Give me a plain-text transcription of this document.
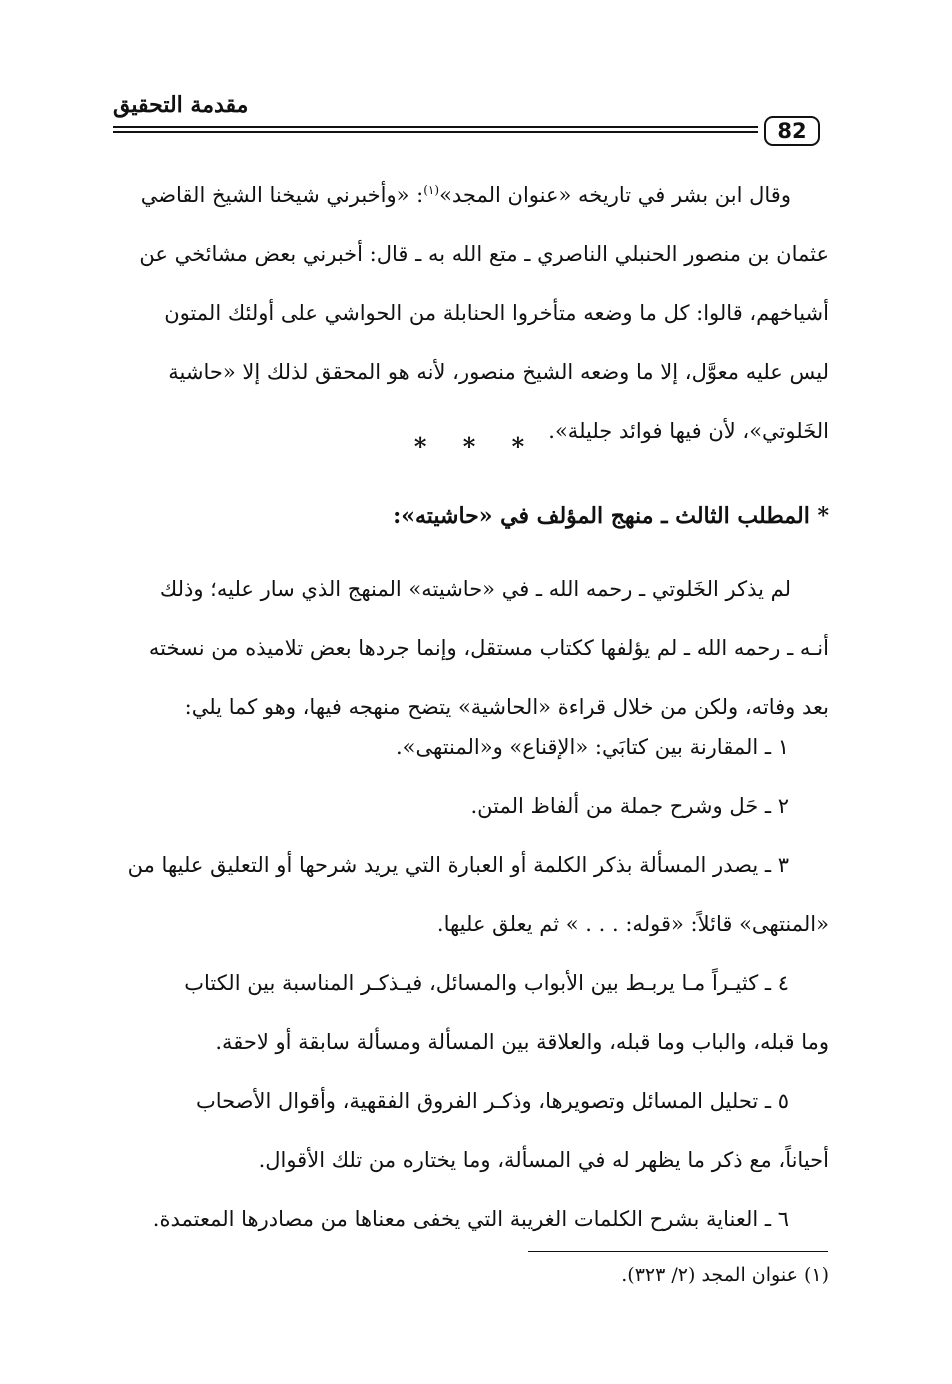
مقدمة التحقيق
82
وقال ابن بشر في تاريخه «عنوان المجد»$^{(١)}$: «وأخبرني شيخنا الشيخ القاضي
عثمان بن منصور الحنبلي الناصري ـ متع الله به ـ قال: أخبرني بعض مشائخي عن
أشياخهم، قالوا: كل ما وضعه متأخروا الحنابلة من الحواشي على أولئك المتون
ليس عليه معوَّل، إلا ما وضعه الشيخ منصور، لأنه هو المحقق لذلك إلا «حاشية
الخَلوتي»، لأن فيها فوائد جليلة».
* * *
* المطلب الثالث ـ منهج المؤلف في «حاشيته»:
لم يذكر الخَلوتي ـ رحمه الله ـ في «حاشيته» المنهج الذي سار عليه؛ وذلك
أنـه ـ رحمه الله ـ لم يؤلفها ككتاب مستقل، وإنما جردها بعض تلاميذه من نسخته
بعد وفاته، ولكن من خلال قراءة «الحاشية» يتضح منهجه فيها، وهو كما يلي:
١ ـ المقارنة بين كتابَي: «الإقناع» و«المنتهى».
٢ ـ حَل وشرح جملة من ألفاظ المتن.
٣ ـ يصدر المسألة بذكر الكلمة أو العبارة التي يريد شرحها أو التعليق عليها من
«المنتهى» قائلاً: «قوله: . . . » ثم يعلق عليها.
٤ ـ كثيـراً مـا يربـط بين الأبواب والمسائل، فيـذكـر المناسبة بين الكتاب
وما قبله، والباب وما قبله، والعلاقة بين المسألة ومسألة سابقة أو لاحقة.
٥ ـ تحليل المسائل وتصويرها، وذكـر الفروق الفقهية، وأقوال الأصحاب
أحياناً، مع ذكر ما يظهر له في المسألة، وما يختاره من تلك الأقوال.
٦ ـ العناية بشرح الكلمات الغريبة التي يخفى معناها من مصادرها المعتمدة.
(١) عنوان المجد (٢/ ٣٢٣).
